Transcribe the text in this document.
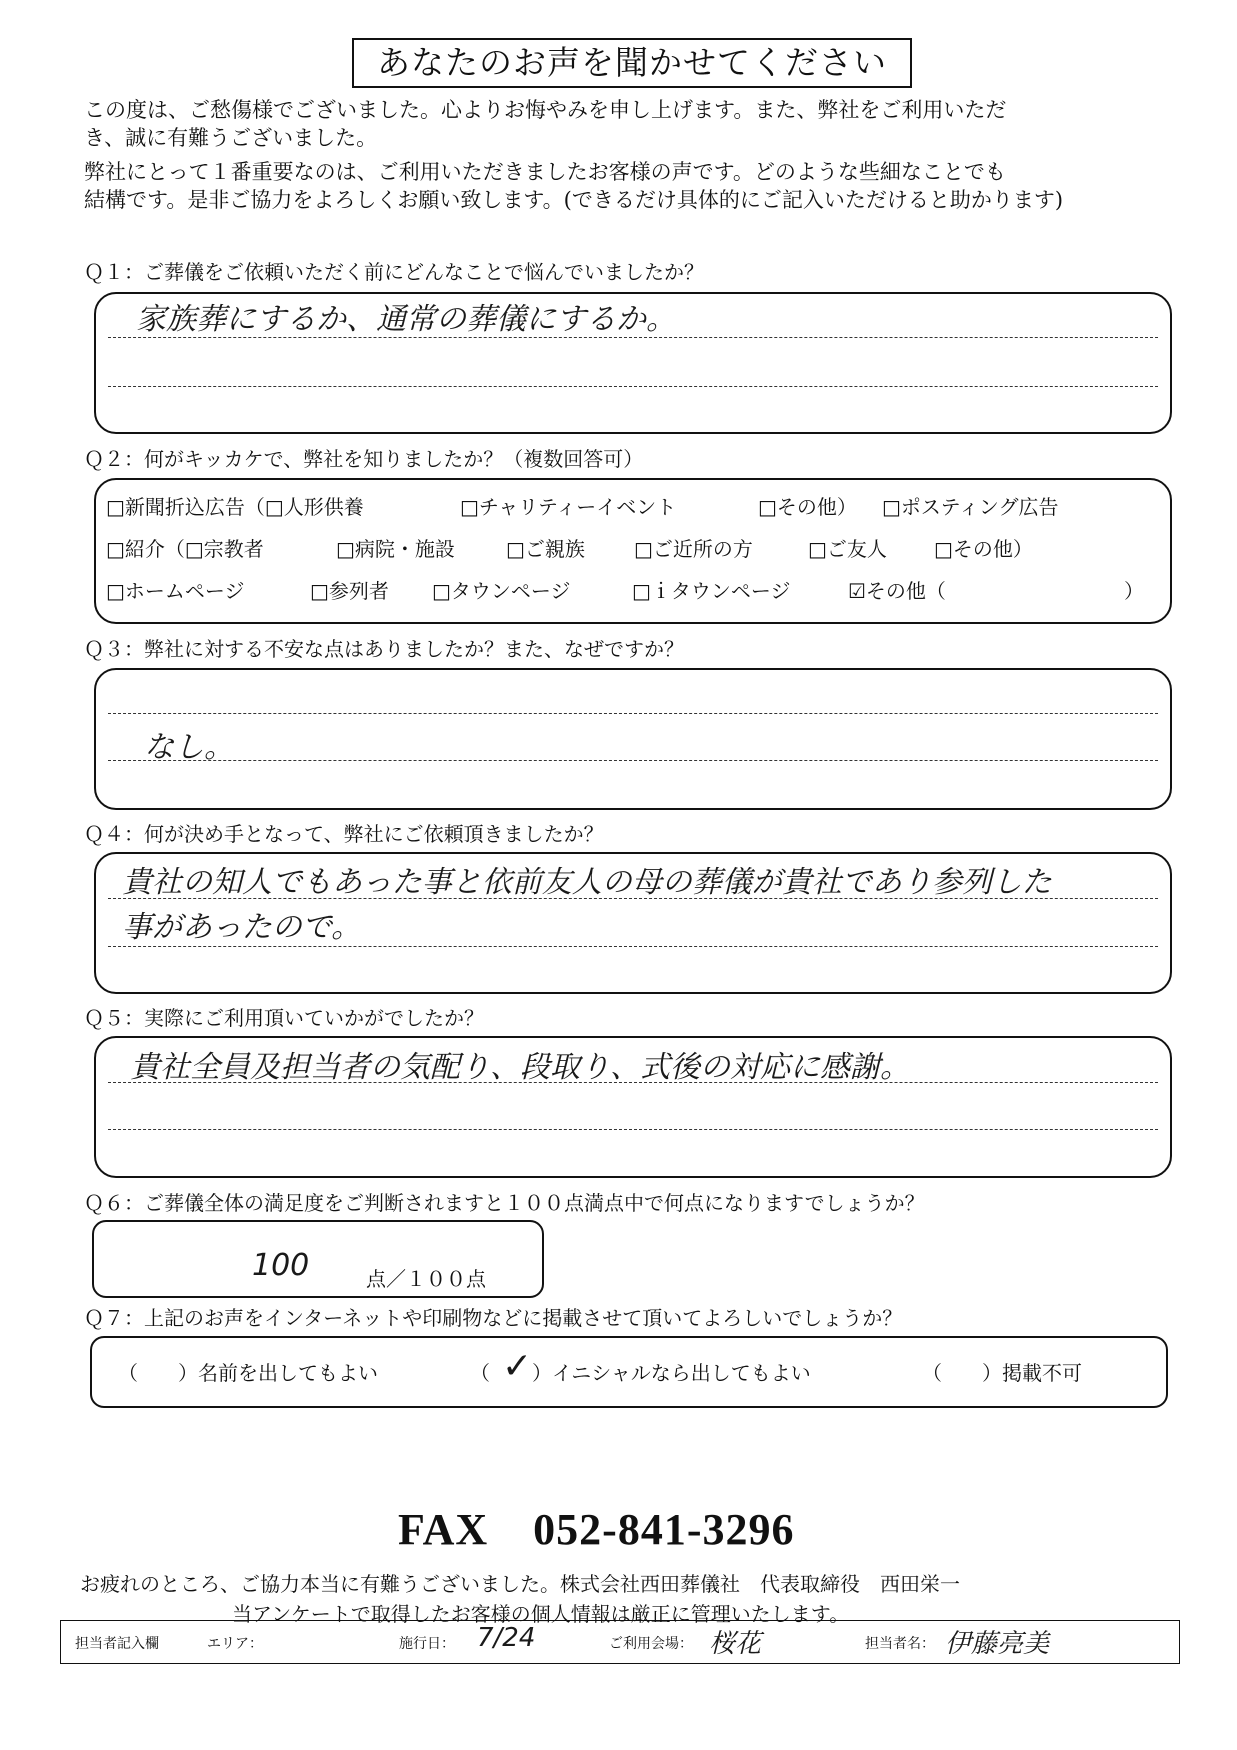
あなたのお声を聞かせてください
この度は、ご愁傷様でございました。心よりお悔やみを申し上げます。また、弊社をご利用いただ
き、誠に有難うございました。
弊社にとって１番重要なのは、ご利用いただきましたお客様の声です。どのような些細なことでも
結構です。是非ご協力をよろしくお願い致します。(できるだけ具体的にご記入いただけると助かります)
Ｑ１：ご葬儀をご依頼いただく前にどんなことで悩んでいましたか？
家族葬にするか、通常の葬儀にするか。
Ｑ２：何がキッカケで、弊社を知りましたか？（複数回答可）
□新聞折込広告（□人形供養	□チャリティーイベント	□その他） □ポスティング広告
□紹介（□宗教者	□病院・施設	□ご親族 □ご近所の方	□ご友人 □その他）
□ホームページ	□参列者 □タウンページ	□ｉタウンページ	☑その他（	）
Ｑ３：弊社に対する不安な点はありましたか？また、なぜですか？
なし。
Ｑ４：何が決め手となって、弊社にご依頼頂きましたか？
貴社の知人でもあった事と依前友人の母の葬儀が貴社であり参列した
事があったので。
Ｑ５：実際にご利用頂いていかがでしたか？
貴社全員及担当者の気配り、段取り、式後の対応に感謝。
Ｑ６：ご葬儀全体の満足度をご判断されますと１００点満点中で何点になりますでしょうか？
100	点／１００点
Ｑ７：上記のお声をインターネットや印刷物などに掲載させて頂いてよろしいでしょうか？
（　　）名前を出してもよい	（ ✓ ）イニシャルなら出してもよい	（　　）掲載不可
FAX　052-841-3296
お疲れのところ、ご協力本当に有難うございました。株式会社西田葬儀社　代表取締役　西田栄一
当アンケートで取得したお客様の個人情報は厳正に管理いたします。
担当者記入欄	エリア：	施行日： 7/24	ご利用会場： 桜花	担当者名： 伊藤亮美
